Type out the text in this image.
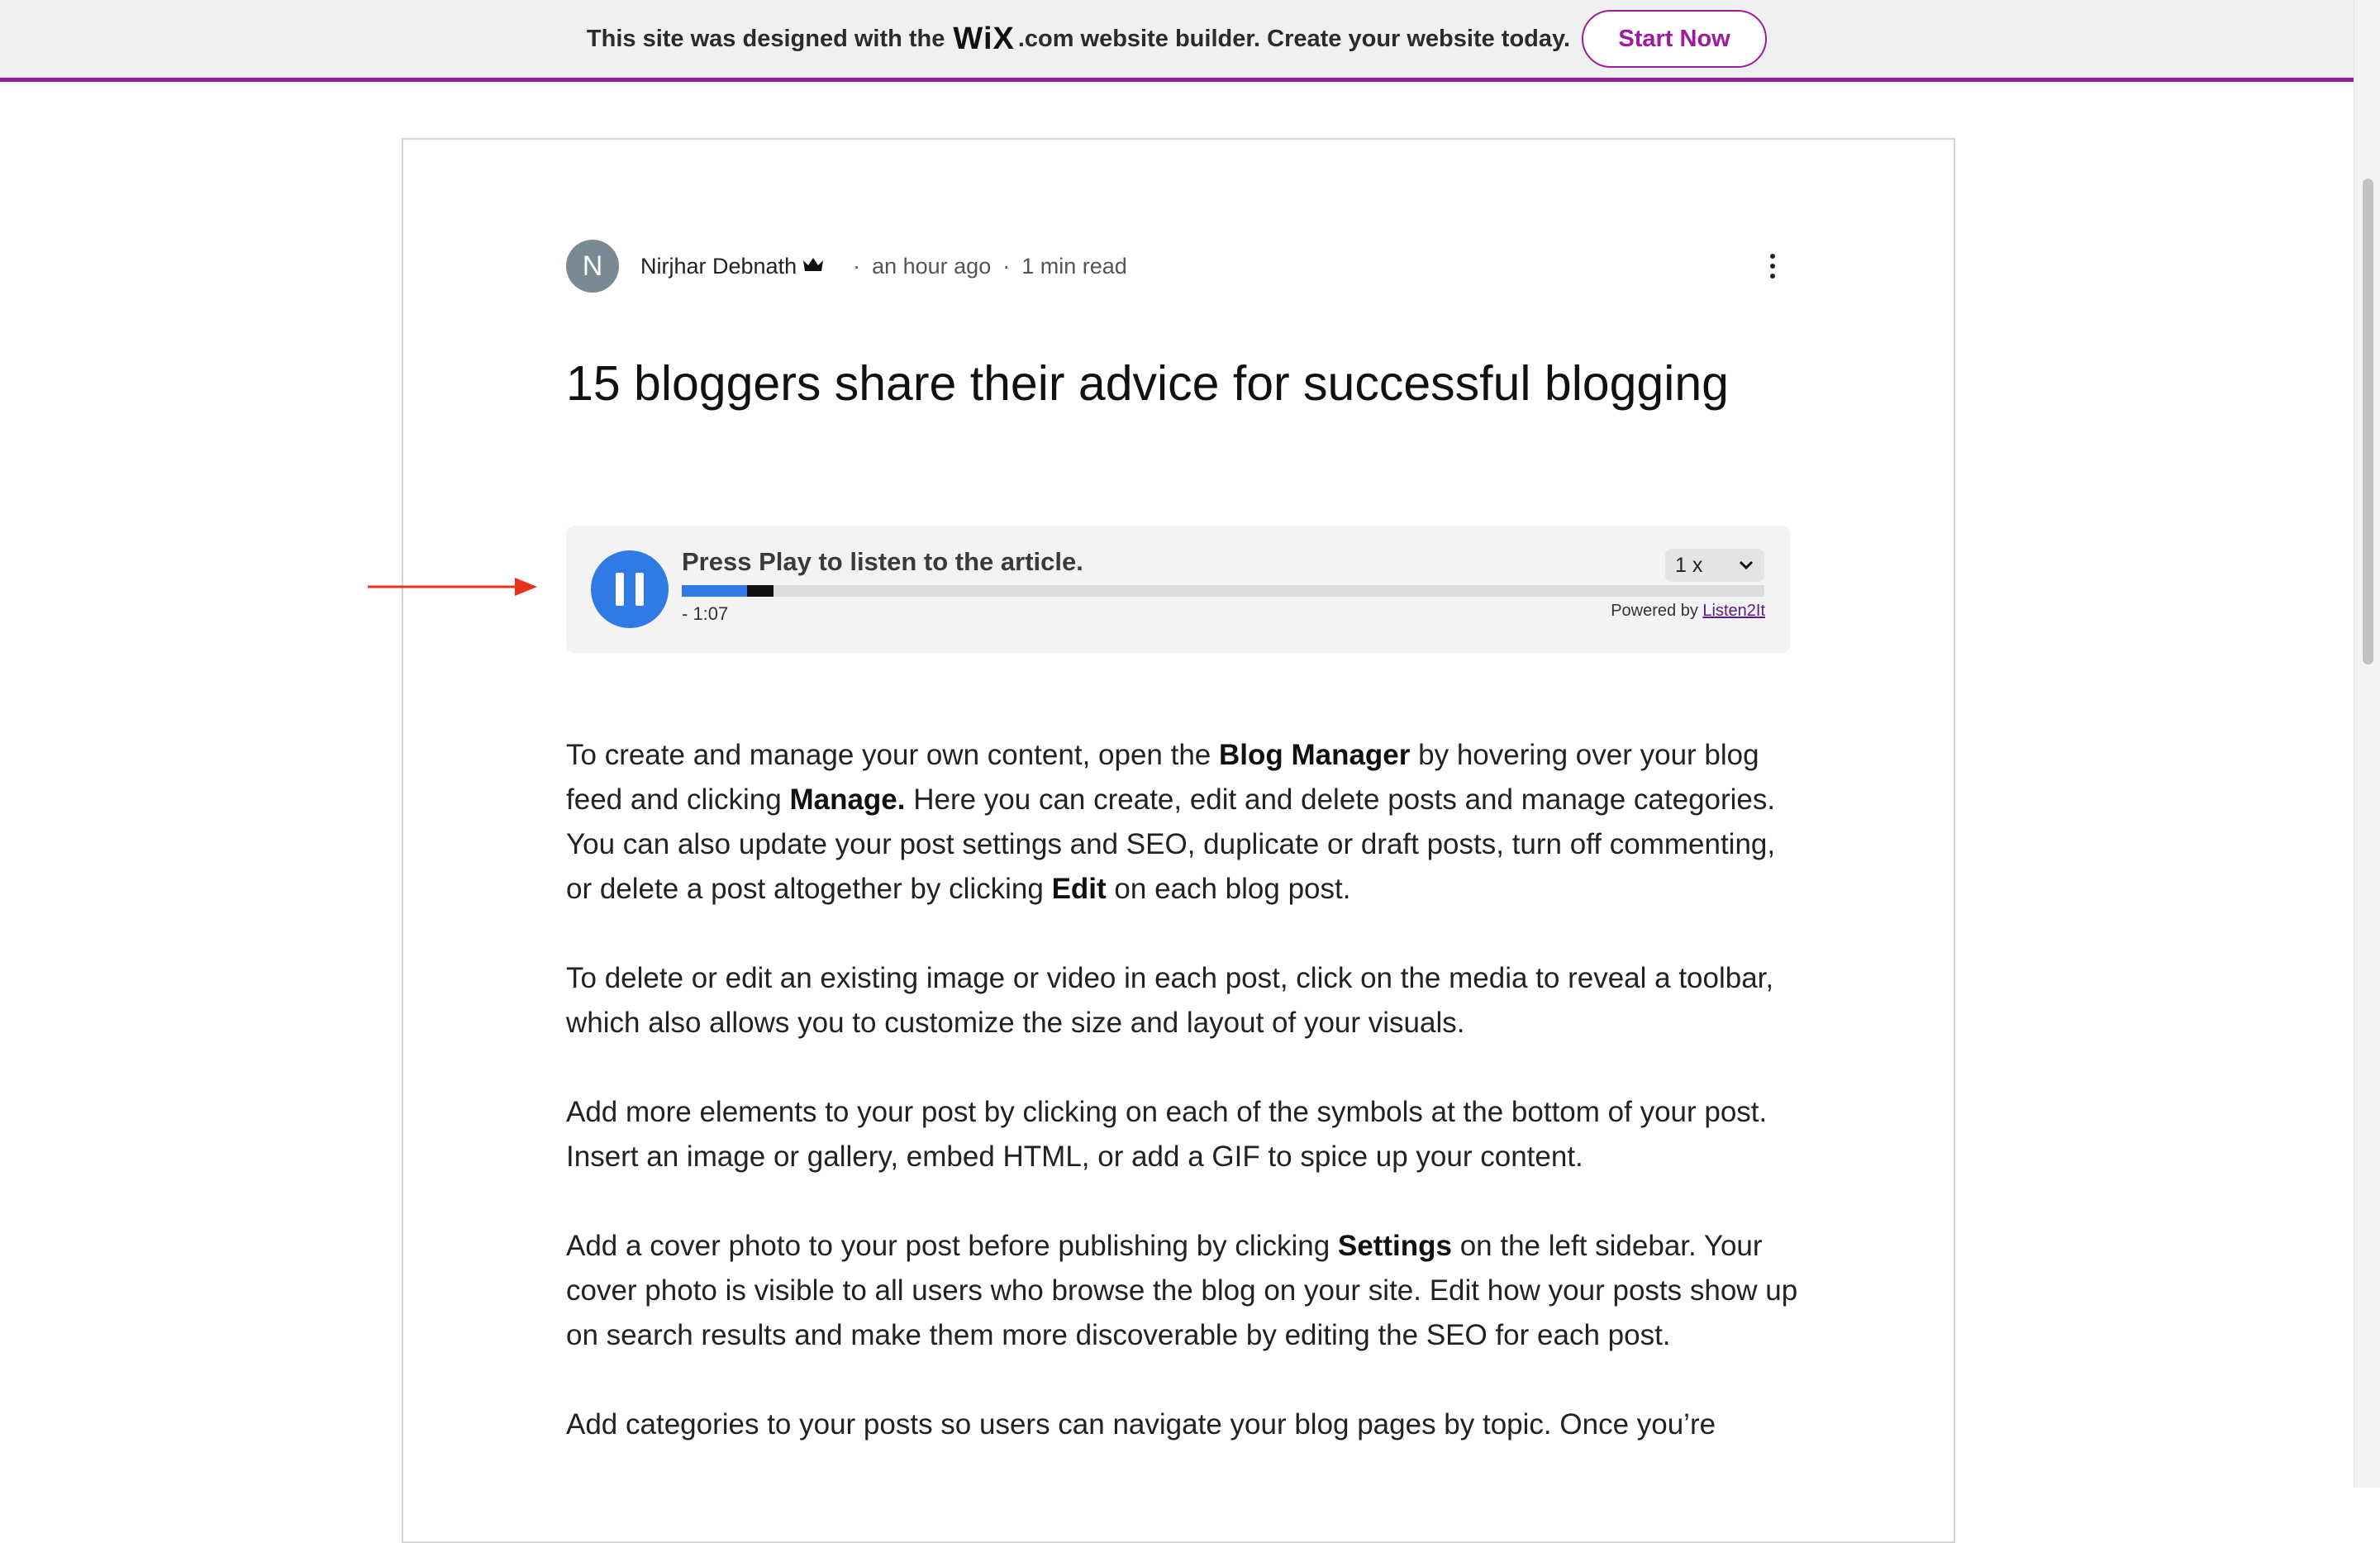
This site was designed with the WiX .com website builder. Create your website today.	Start Now
N	Nirjhar Debnath	· an hour ago · 1 min read
15 bloggers share their advice for successful blogging
Press Play to listen to the article.	1 x
- 1:07	Powered by Listen2It

To create and manage your own content, open the Blog Manager by hovering over your blog feed and clicking Manage. Here you can create, edit and delete posts and manage categories. You can also update your post settings and SEO, duplicate or draft posts, turn off commenting, or delete a post altogether by clicking Edit on each blog post.

To delete or edit an existing image or video in each post, click on the media to reveal a toolbar, which also allows you to customize the size and layout of your visuals.

Add more elements to your post by clicking on each of the symbols at the bottom of your post. Insert an image or gallery, embed HTML, or add a GIF to spice up your content.

Add a cover photo to your post before publishing by clicking Settings on the left sidebar. Your cover photo is visible to all users who browse the blog on your site. Edit how your posts show up on search results and make them more discoverable by editing the SEO for each post.

Add categories to your posts so users can navigate your blog pages by topic. Once you’re
